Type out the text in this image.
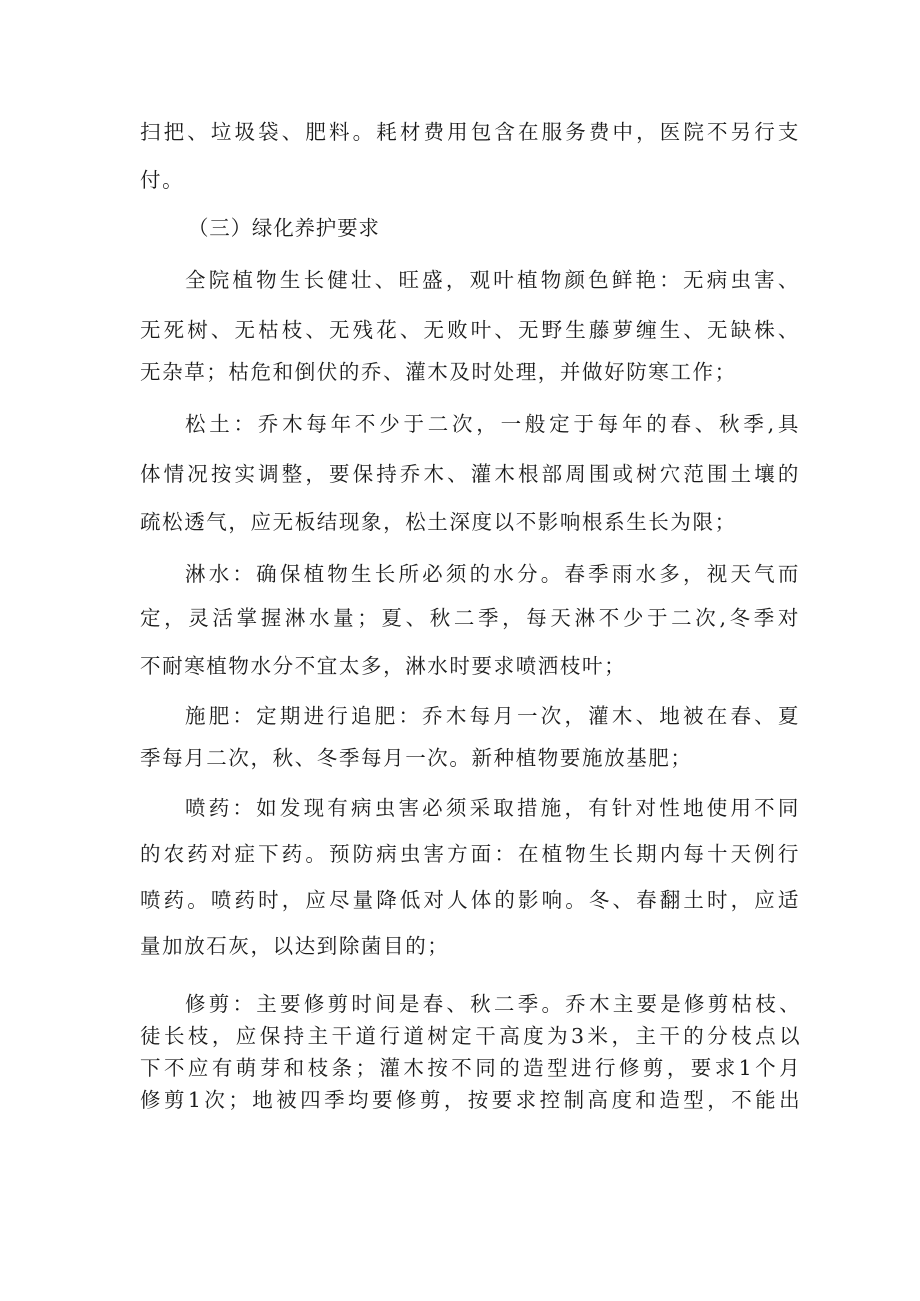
扫把、垃圾袋、肥料。耗材费用包含在服务费中，医院不另行支
付。
（三）绿化养护要求
全院植物生长健壮、旺盛，观叶植物颜色鲜艳：无病虫害、
无死树、无枯枝、无残花、无败叶、无野生藤萝缠生、无缺株、
无杂草；枯危和倒伏的乔、灌木及时处理，并做好防寒工作；
松土：乔木每年不少于二次，一般定于每年的春、秋季,具
体情况按实调整，要保持乔木、灌木根部周围或树穴范围土壤的
疏松透气，应无板结现象，松土深度以不影响根系生长为限；
淋水：确保植物生长所必须的水分。春季雨水多，视天气而
定，灵活掌握淋水量；夏、秋二季，每天淋不少于二次,冬季对
不耐寒植物水分不宜太多，淋水时要求喷洒枝叶；
施肥：定期进行追肥：乔木每月一次，灌木、地被在春、夏
季每月二次，秋、冬季每月一次。新种植物要施放基肥；
喷药：如发现有病虫害必须采取措施，有针对性地使用不同
的农药对症下药。预防病虫害方面：在植物生长期内每十天例行
喷药。喷药时，应尽量降低对人体的影响。冬、春翻土时，应适
量加放石灰，以达到除菌目的；
修剪：主要修剪时间是春、秋二季。乔木主要是修剪枯枝、
徒长枝，应保持主干道行道树定干高度为3米，主干的分枝点以
下不应有萌芽和枝条；灌木按不同的造型进行修剪，要求1个月
修剪1次；地被四季均要修剪，按要求控制高度和造型，不能出
